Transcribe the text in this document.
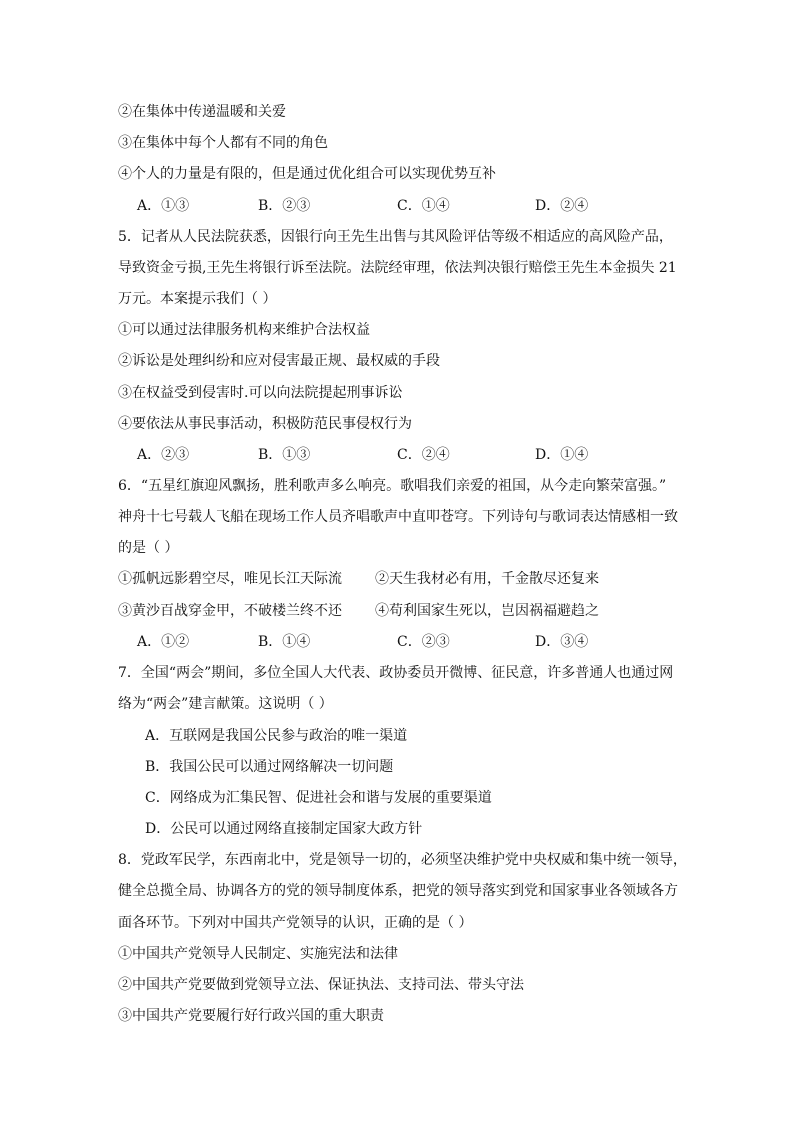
②在集体中传递温暖和关爱
③在集体中每个人都有不同的角色
④个人的力量是有限的，但是通过优化组合可以实现优势互补
A．①③	B．②③	C．①④	D．②④
5．记者从人民法院获悉，因银行向王先生出售与其风险评估等级不相适应的高风险产品，
导致资金亏损,王先生将银行诉至法院。法院经审理，依法判决银行赔偿王先生本金损失 21
万元。本案提示我们（ ）
①可以通过法律服务机构来维护合法权益
②诉讼是处理纠纷和应对侵害最正规、最权威的手段
③在权益受到侵害时.可以向法院提起刑事诉讼
④要依法从事民事活动，积极防范民事侵权行为
A．②③	B．①③	C．②④	D．①④
6．“五星红旗迎风飘扬，胜利歌声多么响亮。歌唱我们亲爱的祖国，从今走向繁荣富强。”
神舟十七号载人飞船在现场工作人员齐唱歌声中直叩苍穹。下列诗句与歌词表达情感相一致
的是（ ）
①孤帆远影碧空尽，唯见长江天际流 ②天生我材必有用，千金散尽还复来
③黄沙百战穿金甲，不破楼兰终不还 ④苟利国家生死以，岂因祸福避趋之
A．①②	B．①④	C．②③	D．③④
7．全国“两会”期间，多位全国人大代表、政协委员开微博、征民意，许多普通人也通过网
络为“两会”建言献策。这说明（ ）
A．互联网是我国公民参与政治的唯一渠道
B．我国公民可以通过网络解决一切问题
C．网络成为汇集民智、促进社会和谐与发展的重要渠道
D．公民可以通过网络直接制定国家大政方针
8．党政军民学，东西南北中，党是领导一切的，必须坚决维护党中央权威和集中统一领导，
健全总揽全局、协调各方的党的领导制度体系，把党的领导落实到党和国家事业各领域各方
面各环节。下列对中国共产党领导的认识，正确的是（ ）
①中国共产党领导人民制定、实施宪法和法律
②中国共产党要做到党领导立法、保证执法、支持司法、带头守法
③中国共产党要履行好行政兴国的重大职责
